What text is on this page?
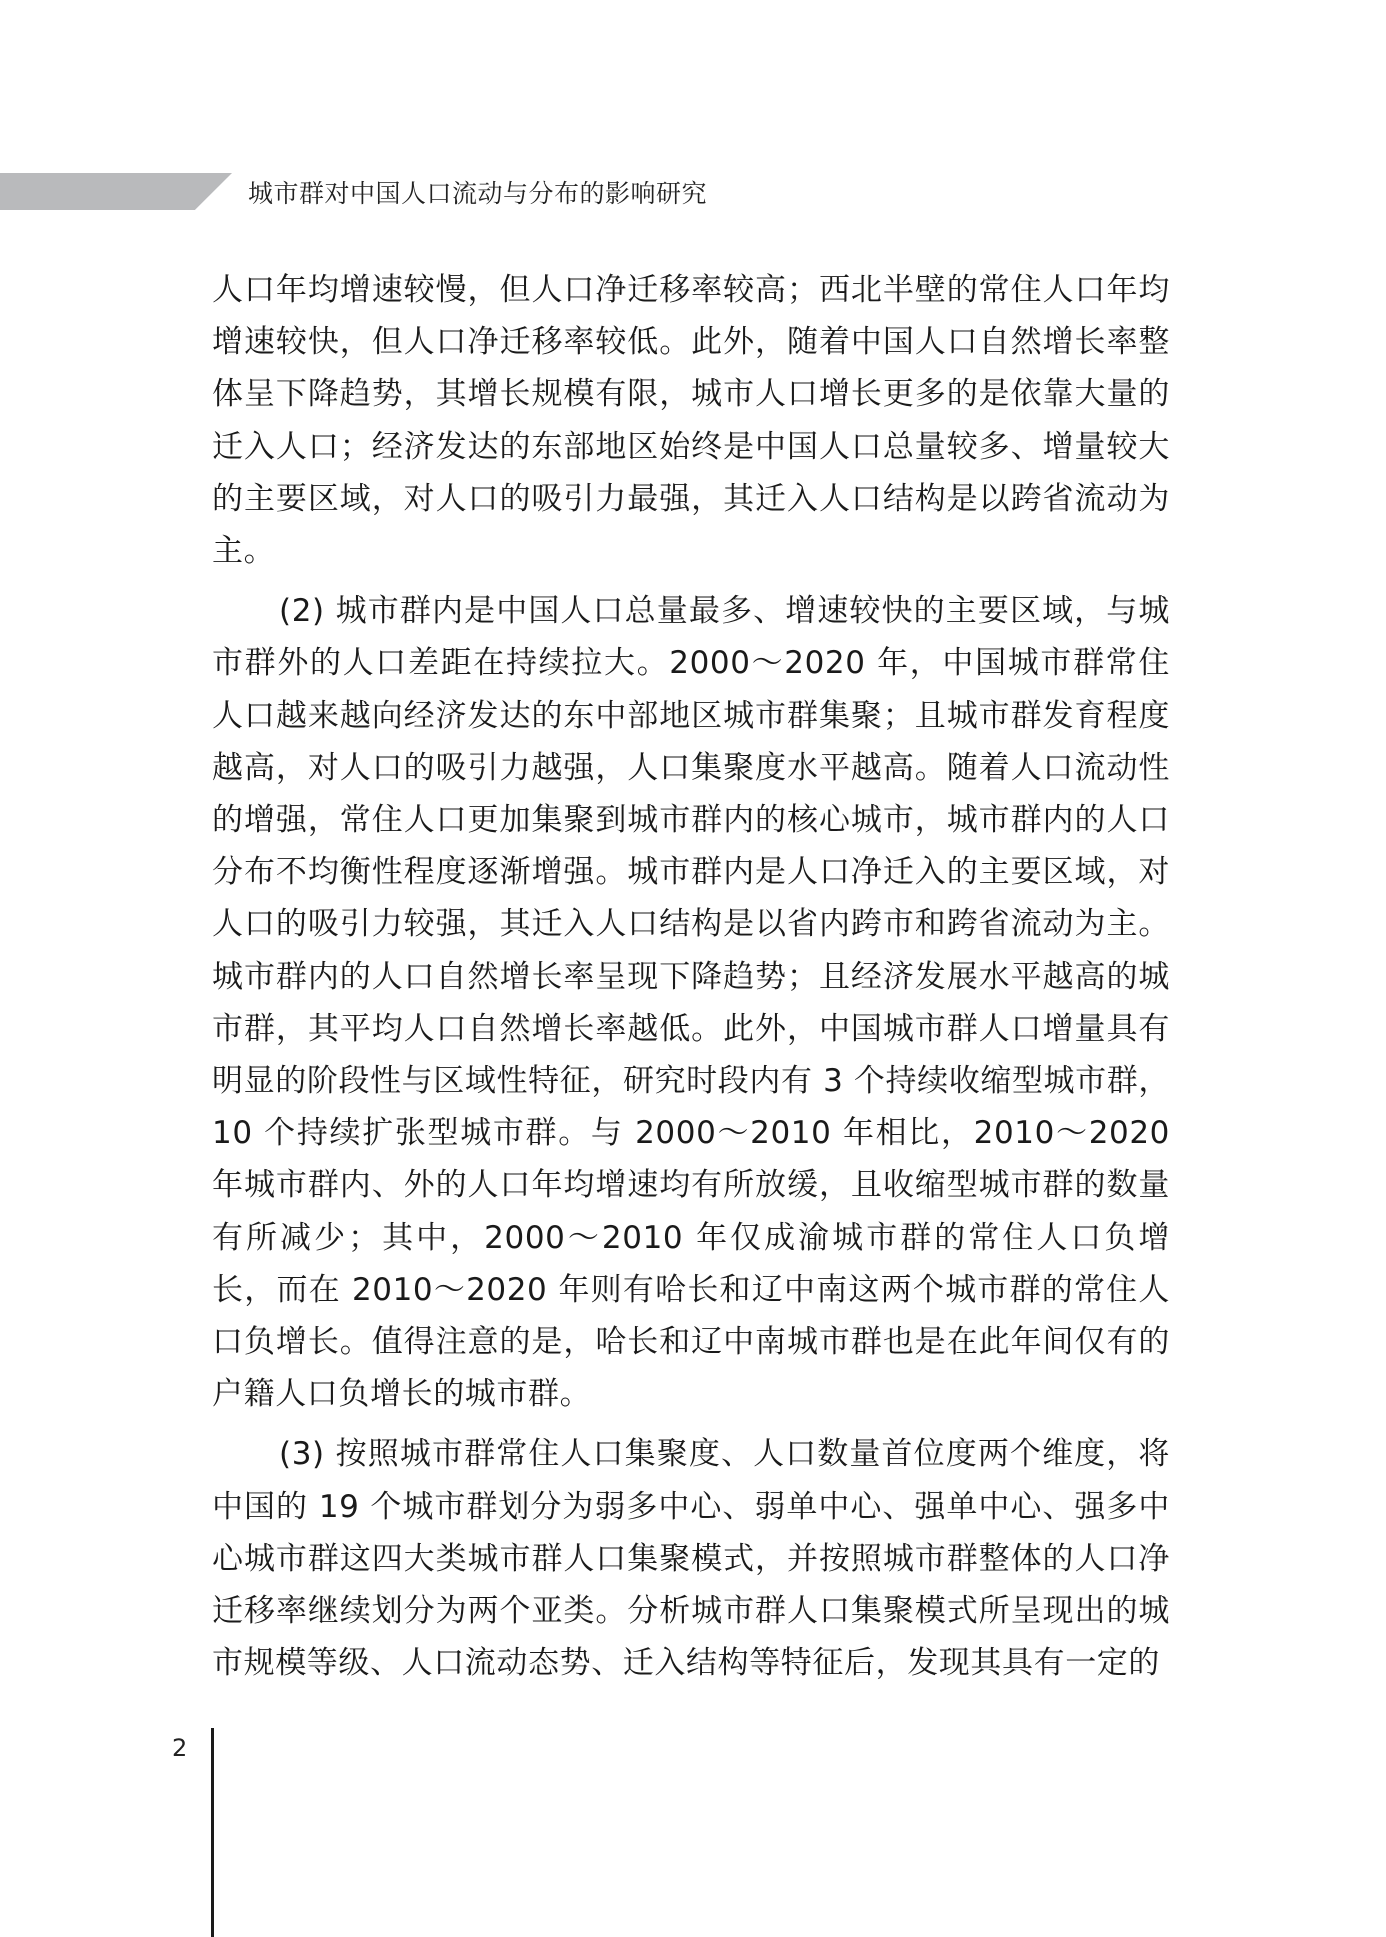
城市群对中国人口流动与分布的影响研究

人口年均增速较慢，但人口净迁移率较高；西北半壁的常住人口年均增速较快，但人口净迁移率较低。此外，随着中国人口自然增长率整体呈下降趋势，其增长规模有限，城市人口增长更多的是依靠大量的迁入人口；经济发达的东部地区始终是中国人口总量较多、增量较大的主要区域，对人口的吸引力最强，其迁入人口结构是以跨省流动为主。

(2) 城市群内是中国人口总量最多、增速较快的主要区域，与城市群外的人口差距在持续拉大。2000～2020 年，中国城市群常住人口越来越向经济发达的东中部地区城市群集聚；且城市群发育程度越高，对人口的吸引力越强，人口集聚度水平越高。随着人口流动性的增强，常住人口更加集聚到城市群内的核心城市，城市群内的人口分布不均衡性程度逐渐增强。城市群内是人口净迁入的主要区域，对人口的吸引力较强，其迁入人口结构是以省内跨市和跨省流动为主。城市群内的人口自然增长率呈现下降趋势；且经济发展水平越高的城市群，其平均人口自然增长率越低。此外，中国城市群人口增量具有明显的阶段性与区域性特征，研究时段内有 3 个持续收缩型城市群，10 个持续扩张型城市群。与 2000～2010 年相比，2010～2020 年城市群内、外的人口年均增速均有所放缓，且收缩型城市群的数量有所减少；其中，2000～2010 年仅成渝城市群的常住人口负增长，而在 2010～2020 年则有哈长和辽中南这两个城市群的常住人口负增长。值得注意的是，哈长和辽中南城市群也是在此年间仅有的户籍人口负增长的城市群。

(3) 按照城市群常住人口集聚度、人口数量首位度两个维度，将中国的 19 个城市群划分为弱多中心、弱单中心、强单中心、强多中心城市群这四大类城市群人口集聚模式，并按照城市群整体的人口净迁移率继续划分为两个亚类。分析城市群人口集聚模式所呈现出的城市规模等级、人口流动态势、迁入结构等特征后，发现其具有一定的

2
